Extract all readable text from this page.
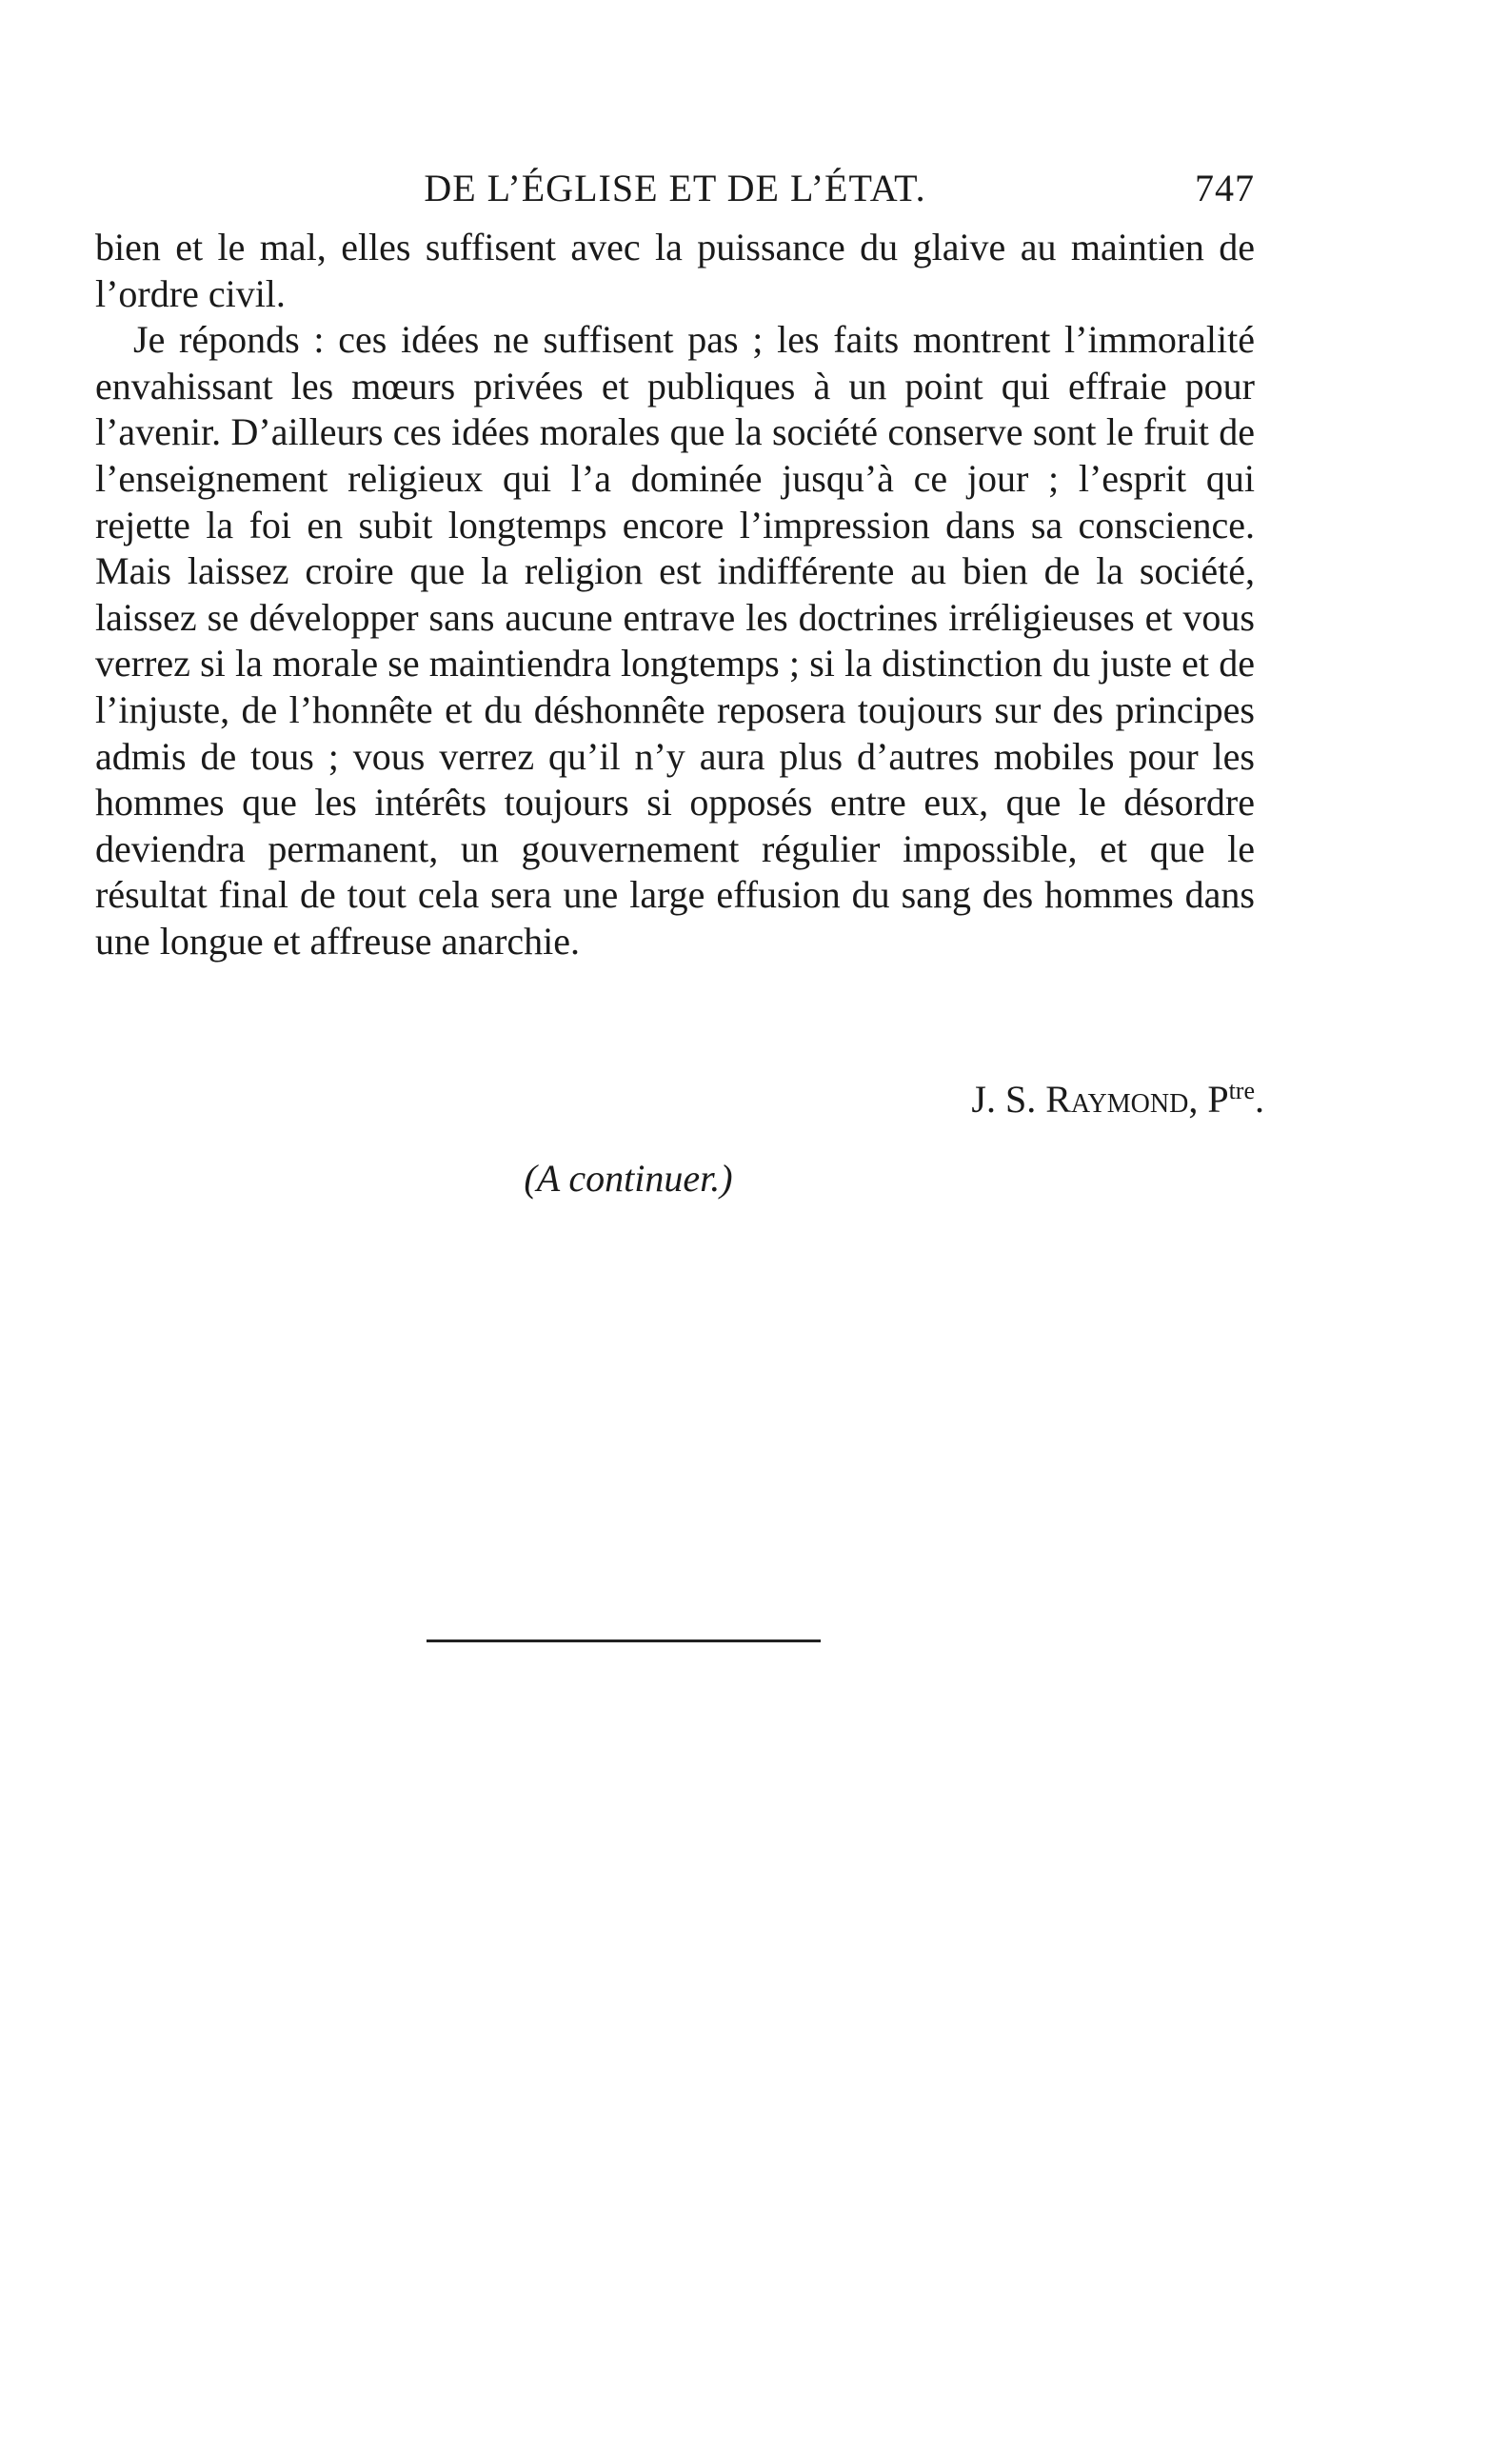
DE L’ÉGLISE ET DE L’ÉTAT.	747

bien et le mal, elles suffisent avec la puissance du glaive au maintien de l’ordre civil.

Je réponds : ces idées ne suffisent pas ; les faits montrent l’immoralité envahissant les mœurs privées et publiques à un point qui effraie pour l’avenir. D’ailleurs ces idées morales que la société conserve sont le fruit de l’enseignement religieux qui l’a dominée jusqu’à ce jour ; l’esprit qui rejette la foi en subit longtemps encore l’impression dans sa conscience. Mais laissez croire que la religion est indifférente au bien de la société, laissez se développer sans aucune entrave les doctrines irréligieuses et vous verrez si la morale se maintiendra longtemps ; si la distinction du juste et de l’injuste, de l’honnête et du déshonnête reposera toujours sur des principes admis de tous ; vous verrez qu’il n’y aura plus d’autres mobiles pour les hommes que les intérêts toujours si opposés entre eux, que le désordre deviendra permanent, un gouvernement régulier impossible, et que le résultat final de tout cela sera une large effusion du sang des hommes dans une longue et affreuse anarchie.

J. S. Raymond, $P^{tre}$.
(A continuer.)
